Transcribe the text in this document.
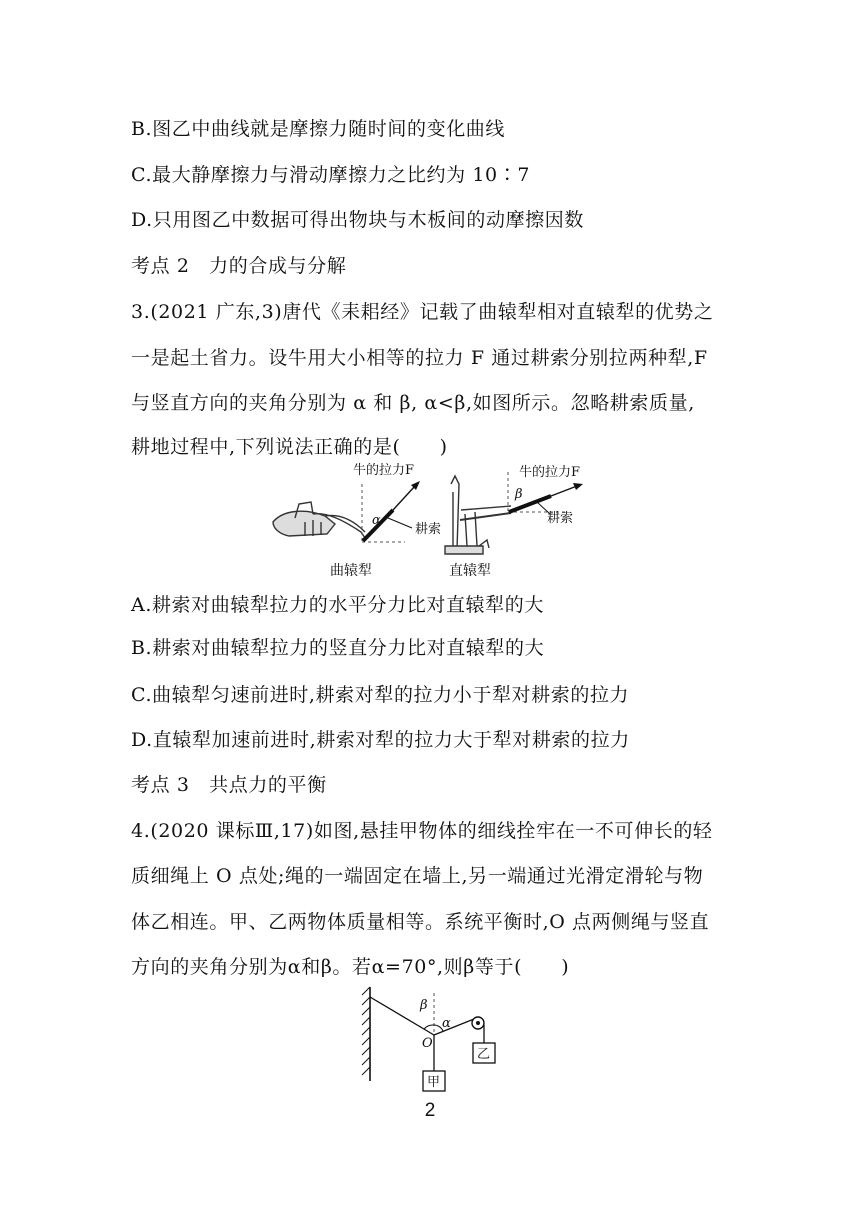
B.图乙中曲线就是摩擦力随时间的变化曲线
C.最大静摩擦力与滑动摩擦力之比约为 10∶7
D.只用图乙中数据可得出物块与木板间的动摩擦因数
考点 2　力的合成与分解
3.(2021 广东,3)唐代《耒耜经》记载了曲辕犁相对直辕犁的优势之
一是起土省力。设牛用大小相等的拉力 F 通过耕索分别拉两种犁,F
与竖直方向的夹角分别为 α 和 β, α<β,如图所示。忽略耕索质量,
耕地过程中,下列说法正确的是(　　)
牛的拉力F
α
耕索
曲辕犁
牛的拉力F
β
耕索
直辕犁
A.耕索对曲辕犁拉力的水平分力比对直辕犁的大
B.耕索对曲辕犁拉力的竖直分力比对直辕犁的大
C.曲辕犁匀速前进时,耕索对犁的拉力小于犁对耕索的拉力
D.直辕犁加速前进时,耕索对犁的拉力大于犁对耕索的拉力
考点 3　共点力的平衡
4.(2020 课标Ⅲ,17)如图,悬挂甲物体的细线拴牢在一不可伸长的轻
质细绳上 O 点处;绳的一端固定在墙上,另一端通过光滑定滑轮与物
体乙相连。甲、乙两物体质量相等。系统平衡时,O 点两侧绳与竖直
方向的夹角分别为α和β。若α=70°,则β等于(　　)
β
α
O
甲
乙
2
